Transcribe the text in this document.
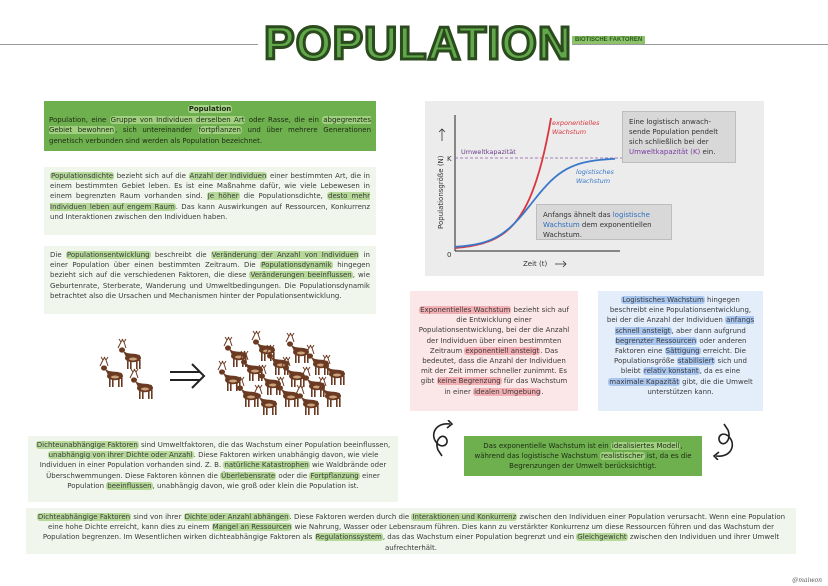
POPULATION BIOTISCHE FAKTOREN
Population
Population, eine Gruppe von Individuen derselben Art oder Rasse, die ein abgegrenztes Gebiet bewohnen, sich untereinander fortpflanzen und über mehrere Generationen genetisch verbunden sind werden als Population bezeichnet.
Populationsdichte bezieht sich auf die Anzahl der Individuen einer bestimmten Art, die in einem bestimmten Gebiet leben. Es ist eine Maßnahme dafür, wie viele Lebewesen in einem begrenzten Raum vorhanden sind. Je höher die Populationsdichte, desto mehr Individuen leben auf engem Raum. Das kann Auswirkungen auf Ressourcen, Konkurrenz und Interaktionen zwischen den Individuen haben.
Die Populationsentwicklung beschreibt die Veränderung der Anzahl von Individuen in einer Population über einen bestimmten Zeitraum. Die Populationsdynamik hingegen bezieht sich auf die verschiedenen Faktoren, die diese Veränderungen beeinflussen, wie Geburtenrate, Sterberate, Wanderung und Umweltbedingungen. Die Populationsdynamik betrachtet also die Ursachen und Mechanismen hinter der Populationsentwicklung.
Populationsgröße (N)
Zeit (t)
0
K
Umweltkapazität
exponentielles
Wachstum
logistisches
Wachstum
Eine logistisch anwach-sende Population pendelt sich schließlich bei der Umweltkapazität (K) ein.
Anfangs ähnelt das logistische Wachstum dem exponentiellen Wachstum.
Exponentielles Wachstum bezieht sich auf die Entwicklung einer Populationsentwicklung, bei der die Anzahl der Individuen über einen bestimmten Zeitraum exponentiell ansteigt. Das bedeutet, dass die Anzahl der Individuen mit der Zeit immer schneller zunimmt. Es gibt keine Begrenzung für das Wachstum in einer idealen Umgebung.
Logistisches Wachstum hingegen beschreibt eine Populationsentwicklung, bei der die Anzahl der Individuen anfangs schnell ansteigt, aber dann aufgrund begrenzter Ressourcen oder anderen Faktoren eine Sättigung erreicht. Die Populationsgröße stabilisiert sich und bleibt relativ konstant, da es eine maximale Kapazität gibt, die die Umwelt unterstützen kann.
Das exponentielle Wachstum ist ein idealisiertes Modell, während das logistische Wachstum realistischer ist, da es die Begrenzungen der Umwelt berücksichtigt.
Dichteunabhängige Faktoren sind Umweltfaktoren, die das Wachstum einer Population beeinflussen, unabhängig von ihrer Dichte oder Anzahl. Diese Faktoren wirken unabhängig davon, wie viele Individuen in einer Population vorhanden sind. Z. B. natürliche Katastrophen wie Waldbrände oder Überschwemmungen. Diese Faktoren können die Überlebensrate oder die Fortpflanzung einer Population beeinflussen, unabhängig davon, wie groß oder klein die Population ist.
Dichteabhängige Faktoren sind von ihrer Dichte oder Anzahl abhängen. Diese Faktoren werden durch die Interaktionen und Konkurrenz zwischen den Individuen einer Population verursacht. Wenn eine Population eine hohe Dichte erreicht, kann dies zu einem Mangel an Ressourcen wie Nahrung, Wasser oder Lebensraum führen. Dies kann zu verstärkter Konkurrenz um diese Ressourcen führen und das Wachstum der Population begrenzen. Im Wesentlichen wirken dichteabhängige Faktoren als Regulationssystem, das das Wachstum einer Population begrenzt und ein Gleichgewicht zwischen den Individuen und ihrer Umwelt aufrechterhält.
@maiwon
